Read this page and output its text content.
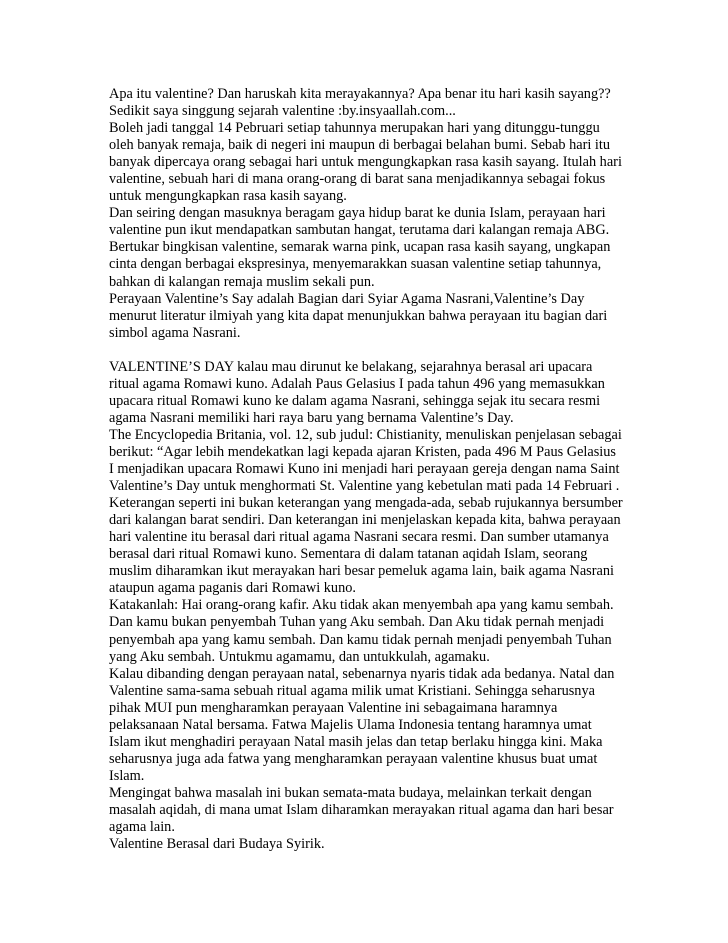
Apa itu valentine? Dan haruskah kita merayakannya? Apa benar itu hari kasih sayang??
Sedikit saya singgung sejarah valentine :by.insyaallah.com...
Boleh jadi tanggal 14 Pebruari setiap tahunnya merupakan hari yang ditunggu-tunggu
oleh banyak remaja, baik di negeri ini maupun di berbagai belahan bumi. Sebab hari itu
banyak dipercaya orang sebagai hari untuk mengungkapkan rasa kasih sayang. Itulah hari
valentine, sebuah hari di mana orang-orang di barat sana menjadikannya sebagai fokus
untuk mengungkapkan rasa kasih sayang.
Dan seiring dengan masuknya beragam gaya hidup barat ke dunia Islam, perayaan hari
valentine pun ikut mendapatkan sambutan hangat, terutama dari kalangan remaja ABG.
Bertukar bingkisan valentine, semarak warna pink, ucapan rasa kasih sayang, ungkapan
cinta dengan berbagai ekspresinya, menyemarakkan suasan valentine setiap tahunnya,
bahkan di kalangan remaja muslim sekali pun.
Perayaan Valentine’s Say adalah Bagian dari Syiar Agama Nasrani,Valentine’s Day
menurut literatur ilmiyah yang kita dapat menunjukkan bahwa perayaan itu bagian dari
simbol agama Nasrani.
VALENTINE’S DAY kalau mau dirunut ke belakang, sejarahnya berasal ari upacara
ritual agama Romawi kuno. Adalah Paus Gelasius I pada tahun 496 yang memasukkan
upacara ritual Romawi kuno ke dalam agama Nasrani, sehingga sejak itu secara resmi
agama Nasrani memiliki hari raya baru yang bernama Valentine’s Day.
The Encyclopedia Britania, vol. 12, sub judul: Chistianity, menuliskan penjelasan sebagai
berikut: “Agar lebih mendekatkan lagi kepada ajaran Kristen, pada 496 M Paus Gelasius
I menjadikan upacara Romawi Kuno ini menjadi hari perayaan gereja dengan nama Saint
Valentine’s Day untuk menghormati St. Valentine yang kebetulan mati pada 14 Februari .
Keterangan seperti ini bukan keterangan yang mengada-ada, sebab rujukannya bersumber
dari kalangan barat sendiri. Dan keterangan ini menjelaskan kepada kita, bahwa perayaan
hari valentine itu berasal dari ritual agama Nasrani secara resmi. Dan sumber utamanya
berasal dari ritual Romawi kuno. Sementara di dalam tatanan aqidah Islam, seorang
muslim diharamkan ikut merayakan hari besar pemeluk agama lain, baik agama Nasrani
ataupun agama paganis dari Romawi kuno.
Katakanlah: Hai orang-orang kafir. Aku tidak akan menyembah apa yang kamu sembah.
Dan kamu bukan penyembah Tuhan yang Aku sembah. Dan Aku tidak pernah menjadi
penyembah apa yang kamu sembah. Dan kamu tidak pernah menjadi penyembah Tuhan
yang Aku sembah. Untukmu agamamu, dan untukkulah, agamaku.
Kalau dibanding dengan perayaan natal, sebenarnya nyaris tidak ada bedanya. Natal dan
Valentine sama-sama sebuah ritual agama milik umat Kristiani. Sehingga seharusnya
pihak MUI pun mengharamkan perayaan Valentine ini sebagaimana haramnya
pelaksanaan Natal bersama. Fatwa Majelis Ulama Indonesia tentang haramnya umat
Islam ikut menghadiri perayaan Natal masih jelas dan tetap berlaku hingga kini. Maka
seharusnya juga ada fatwa yang mengharamkan perayaan valentine khusus buat umat
Islam.
Mengingat bahwa masalah ini bukan semata-mata budaya, melainkan terkait dengan
masalah aqidah, di mana umat Islam diharamkan merayakan ritual agama dan hari besar
agama lain.
Valentine Berasal dari Budaya Syirik.
